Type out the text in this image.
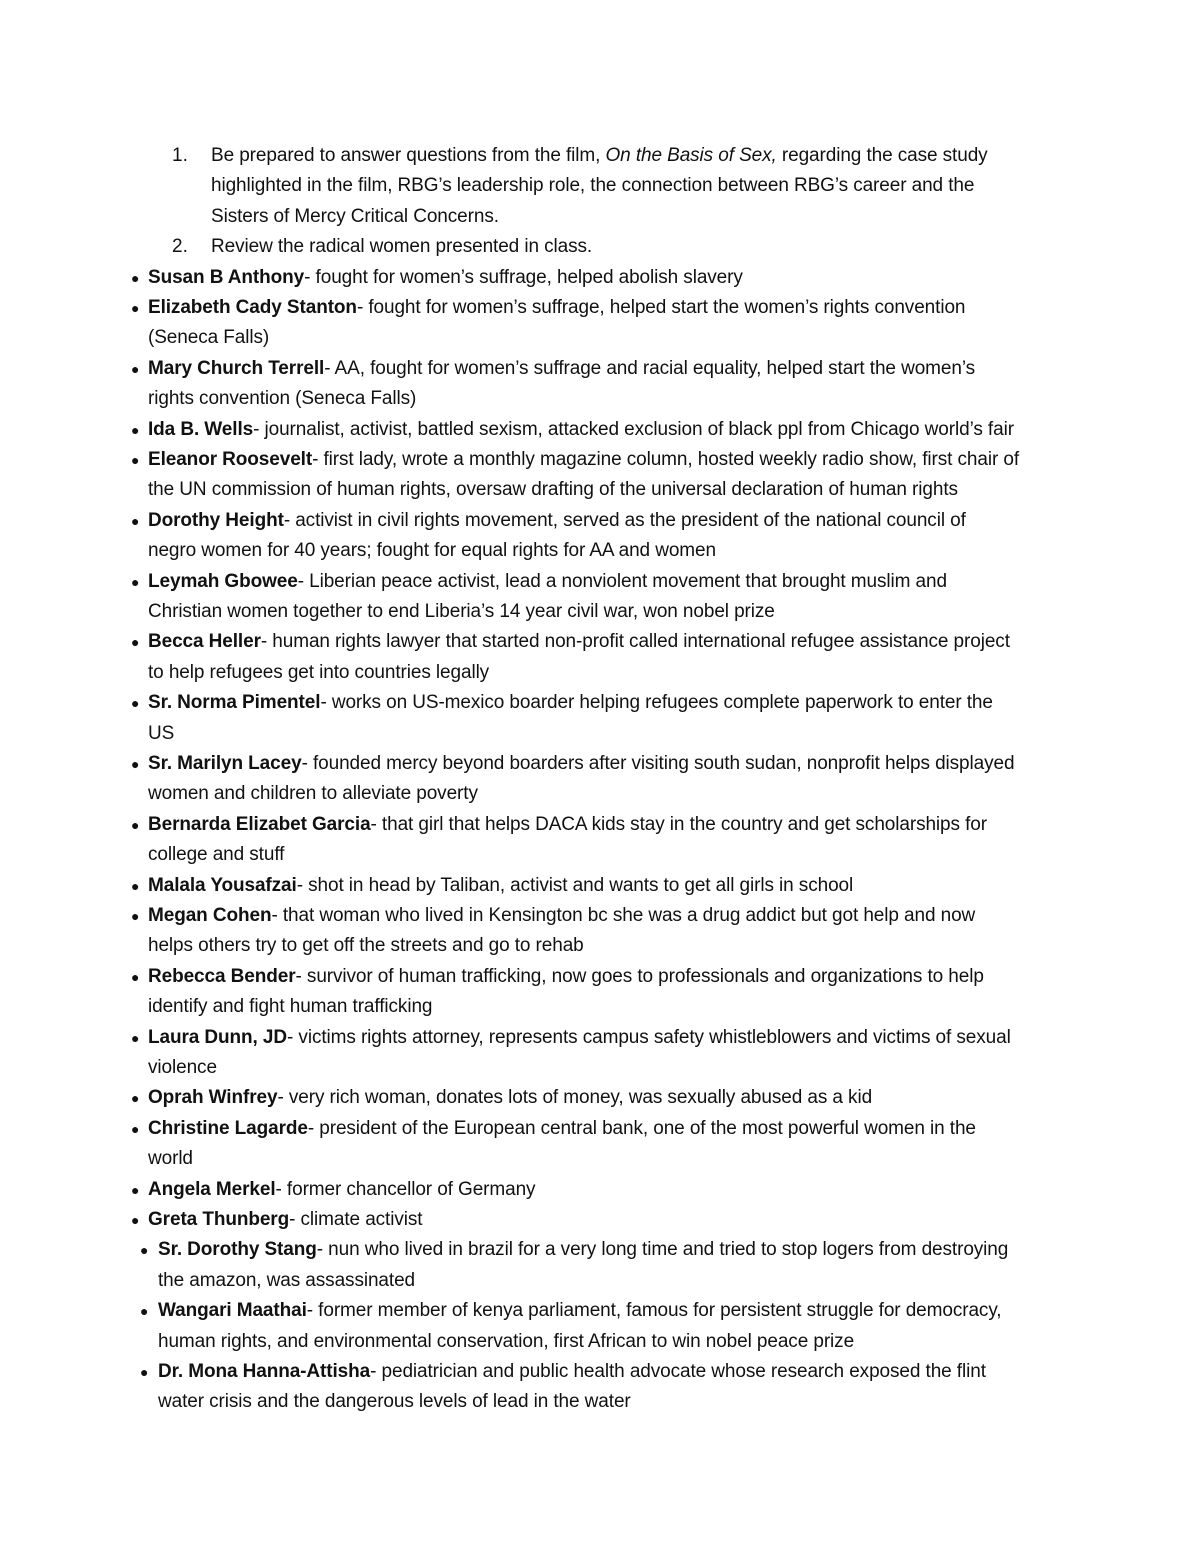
1. Be prepared to answer questions from the film, On the Basis of Sex, regarding the case study
highlighted in the film, RBG’s leadership role, the connection between RBG’s career and the
Sisters of Mercy Critical Concerns.
2. Review the radical women presented in class.
● Susan B Anthony- fought for women’s suffrage, helped abolish slavery
● Elizabeth Cady Stanton- fought for women’s suffrage, helped start the women’s rights convention
(Seneca Falls)
● Mary Church Terrell- AA, fought for women’s suffrage and racial equality, helped start the women’s
rights convention (Seneca Falls)
● Ida B. Wells- journalist, activist, battled sexism, attacked exclusion of black ppl from Chicago world’s fair
● Eleanor Roosevelt- first lady, wrote a monthly magazine column, hosted weekly radio show, first chair of
the UN commission of human rights, oversaw drafting of the universal declaration of human rights
● Dorothy Height- activist in civil rights movement, served as the president of the national council of
negro women for 40 years; fought for equal rights for AA and women
● Leymah Gbowee- Liberian peace activist, lead a nonviolent movement that brought muslim and
Christian women together to end Liberia’s 14 year civil war, won nobel prize
● Becca Heller- human rights lawyer that started non-profit called international refugee assistance project
to help refugees get into countries legally
● Sr. Norma Pimentel- works on US-mexico boarder helping refugees complete paperwork to enter the
US
● Sr. Marilyn Lacey- founded mercy beyond boarders after visiting south sudan, nonprofit helps displayed
women and children to alleviate poverty
● Bernarda Elizabet Garcia- that girl that helps DACA kids stay in the country and get scholarships for
college and stuff
● Malala Yousafzai- shot in head by Taliban, activist and wants to get all girls in school
● Megan Cohen- that woman who lived in Kensington bc she was a drug addict but got help and now
helps others try to get off the streets and go to rehab
● Rebecca Bender- survivor of human trafficking, now goes to professionals and organizations to help
identify and fight human trafficking
● Laura Dunn, JD- victims rights attorney, represents campus safety whistleblowers and victims of sexual
violence
● Oprah Winfrey- very rich woman, donates lots of money, was sexually abused as a kid
● Christine Lagarde- president of the European central bank, one of the most powerful women in the
world
● Angela Merkel- former chancellor of Germany
● Greta Thunberg- climate activist
● Sr. Dorothy Stang- nun who lived in brazil for a very long time and tried to stop logers from destroying
the amazon, was assassinated
● Wangari Maathai- former member of kenya parliament, famous for persistent struggle for democracy,
human rights, and environmental conservation, first African to win nobel peace prize
● Dr. Mona Hanna-Attisha- pediatrician and public health advocate whose research exposed the flint
water crisis and the dangerous levels of lead in the water
